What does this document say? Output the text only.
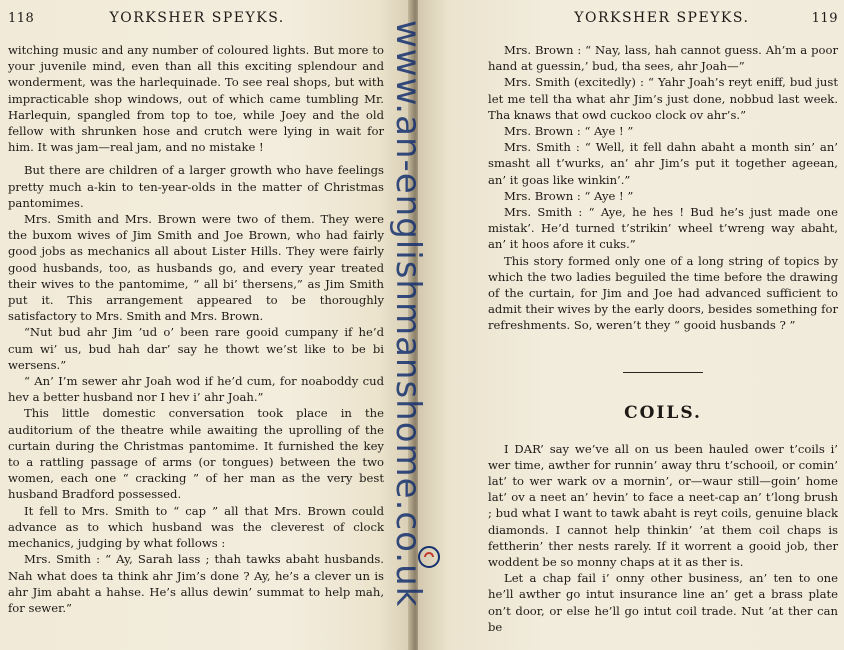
118	YORKSHER SPEYKS.

witching music and any number of coloured lights. But more to your juvenile mind, even than all this exciting splendour and wonderment, was the harlequinade. To see real shops, but with impracticable shop windows, out of which came tumbling Mr. Harlequin, spangled from top to toe, while Joey and the old fellow with shrunken hose and crutch were lying in wait for him. It was jam—real jam, and no mistake !

But there are children of a larger growth who have feelings pretty much a-kin to ten-year-olds in the matter of Christmas pantomimes.

Mrs. Smith and Mrs. Brown were two of them. They were the buxom wives of Jim Smith and Joe Brown, who had fairly good jobs as mechanics all about Lister Hills. They were fairly good husbands, too, as husbands go, and every year treated their wives to the pantomime, “ all bi’ thersens,” as Jim Smith put it. This arrangement appeared to be thoroughly satisfactory to Mrs. Smith and Mrs. Brown.

“Nut bud ahr Jim ’ud o’ been rare gooid cumpany if he’d cum wi’ us, bud hah dar’ say he thowt we’st like to be bi wersens.”

“ An’ I’m sewer ahr Joah wod if he’d cum, for noaboddy cud hev a better husband nor I hev i’ ahr Joah.”

This little domestic conversation took place in the auditorium of the theatre while awaiting the uprolling of the curtain during the Christmas pantomime. It furnished the key to a rattling passage of arms (or tongues) between the two women, each one “ cracking ” of her man as the very best husband Bradford possessed.

It fell to Mrs. Smith to “ cap ” all that Mrs. Brown could advance as to which husband was the cleverest of clock mechanics, judging by what follows :

Mrs. Smith : “ Ay, Sarah lass ; thah tawks abaht husbands. Nah what does ta think ahr Jim’s done ? Ay, he’s a clever un is ahr Jim abaht a hahse. He’s allus dewin’ summat to help mah, for sewer.”

YORKSHER SPEYKS.	119

Mrs. Brown : “ Nay, lass, hah cannot guess. Ah’m a poor hand at guessin,’ bud, tha sees, ahr Joah—”

Mrs. Smith (excitedly) : “ Yahr Joah’s reyt eniff, bud just let me tell tha what ahr Jim’s just done, nobbud last week. Tha knaws that owd cuckoo clock ov ahr’s.”

Mrs. Brown : “ Aye ! ”

Mrs. Smith : “ Well, it fell dahn abaht a month sin’ an’ smasht all t’wurks, an’ ahr Jim’s put it together ageean, an’ it goas like winkin’.”

Mrs. Brown : “ Aye ! ”

Mrs. Smith : “ Aye, he hes ! Bud he’s just made one mistak’. He’d turned t’strikin’ wheel t’wreng way abaht, an’ it hoos afore it cuks.”

This story formed only one of a long string of topics by which the two ladies beguiled the time before the drawing of the curtain, for Jim and Joe had advanced sufficient to admit their wives by the early doors, besides something for refreshments. So, weren’t they “ gooid husbands ? ”

COILS.

I DAR’ say we’ve all on us been hauled ower t’coils i’ wer time, awther for runnin’ away thru t’schooil, or comin’ lat’ to wer wark ov a mornin’, or—waur still—goin’ home lat’ ov a neet an’ hevin’ to face a neet-cap an’ t’long brush ; bud what I want to tawk abaht is reyt coils, genuine black diamonds. I cannot help thinkin’ ’at them coil chaps is fettherin’ ther nests rarely. If it worrent a gooid job, ther woddent be so monny chaps at it as ther is.

Let a chap fail i’ onny other business, an’ ten to one he’ll awther go intut insurance line an’ get a brass plate on’t door, or else he’ll go intut coil trade. Nut ’at ther can be

www.an-englishmanshome.co.uk
